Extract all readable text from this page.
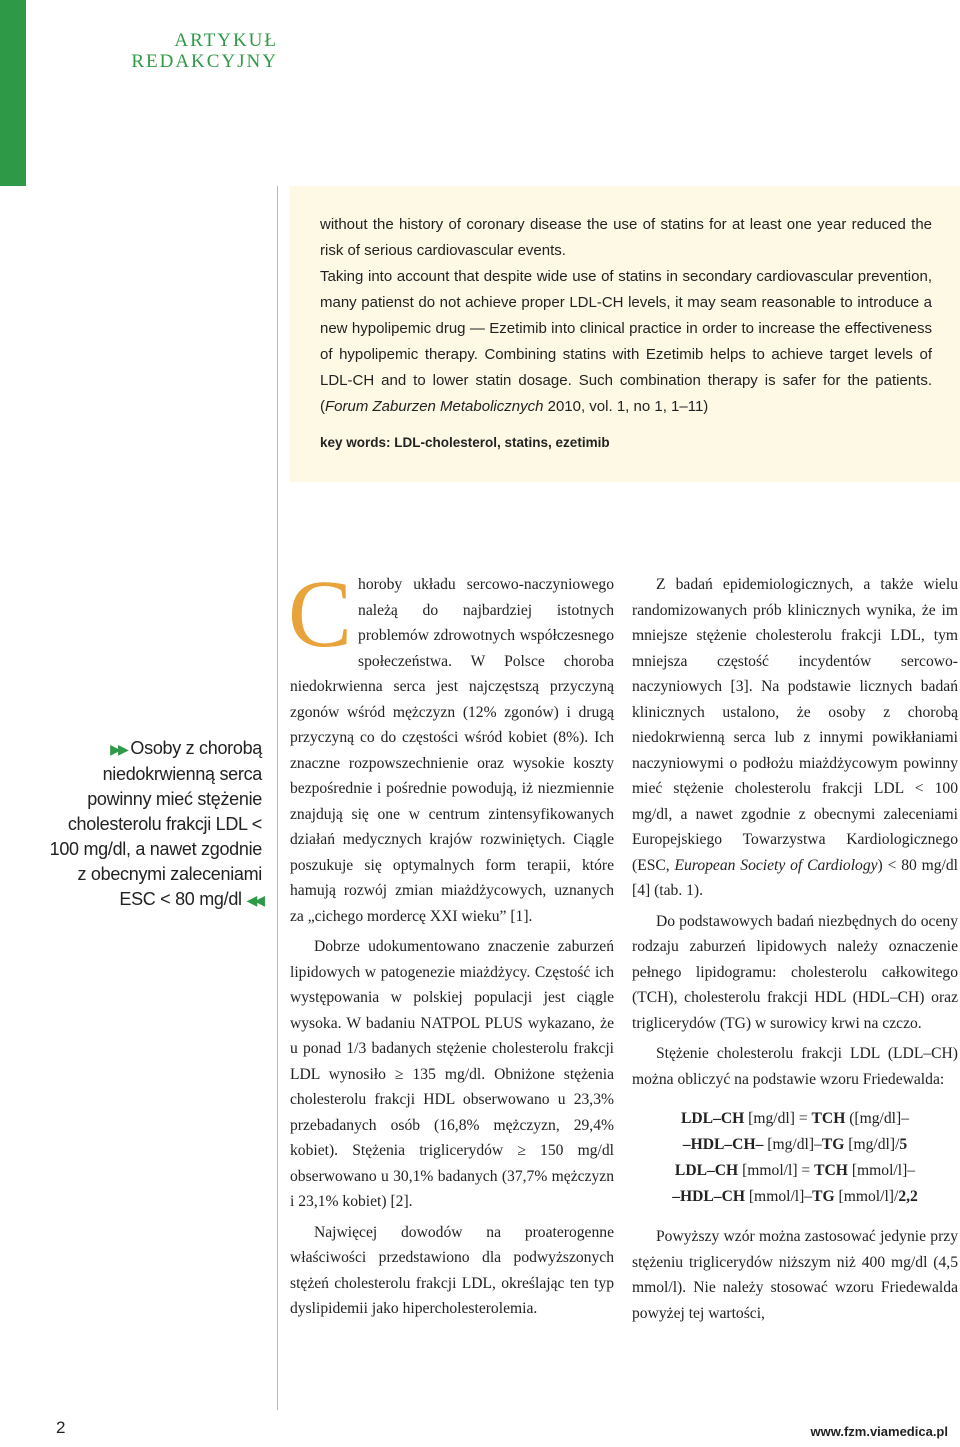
ARTYKUŁ
REDAKCYJNY

without the history of coronary disease the use of statins for at least one year reduced the risk of serious cardiovascular events.

Taking into account that despite wide use of statins in secondary cardiovascular prevention, many patienst do not achieve proper LDL-CH levels, it may seam reasonable to introduce a new hypolipemic drug — Ezetimib into clinical practice in order to increase the effectiveness of hypolipemic therapy. Combining statins with Ezetimib helps to achieve target levels of LDL-CH and to lower statin dosage. Such combination therapy is safer for the patients. (Forum Zaburzen Metabolicznych 2010, vol. 1, no 1, 1–11)

key words: LDL-cholesterol, statins, ezetimib

▶▶ Osoby z chorobą niedokrwienną serca powinny mieć stężenie cholesterolu frakcji LDL < 100 mg/dl, a nawet zgodnie z obecnymi zaleceniami ESC < 80 mg/dl ◀◀

Choroby układu sercowo-naczyniowego należą do najbardziej istotnych problemów zdrowotnych współczesnego społeczeństwa. W Polsce choroba niedokrwienna serca jest najczęstszą przyczyną zgonów wśród mężczyzn (12% zgonów) i drugą przyczyną co do częstości wśród kobiet (8%). Ich znaczne rozpowszechnienie oraz wysokie koszty bezpośrednie i pośrednie powodują, iż niezmiennie znajdują się one w centrum zintensyfikowanych działań medycznych krajów rozwiniętych. Ciągle poszukuje się optymalnych form terapii, które hamują rozwój zmian miażdżycowych, uznanych za „cichego mordercę XXI wieku” [1].

Dobrze udokumentowano znaczenie zaburzeń lipidowych w patogenezie miażdżycy. Częstość ich występowania w polskiej populacji jest ciągle wysoka. W badaniu NATPOL PLUS wykazano, że u ponad 1/3 badanych stężenie cholesterolu frakcji LDL wynosiło ≥ 135 mg/dl. Obniżone stężenia cholesterolu frakcji HDL obserwowano u 23,3% przebadanych osób (16,8% mężczyzn, 29,4% kobiet). Stężenia triglicerydów ≥ 150 mg/dl obserwowano u 30,1% badanych (37,7% mężczyzn i 23,1% kobiet) [2].

Najwięcej dowodów na proaterogenne właściwości przedstawiono dla podwyższonych stężeń cholesterolu frakcji LDL, określając ten typ dyslipidemii jako hipercholesterolemia.

Z badań epidemiologicznych, a także wielu randomizowanych prób klinicznych wynika, że im mniejsze stężenie cholesterolu frakcji LDL, tym mniejsza częstość incydentów sercowo-naczyniowych [3]. Na podstawie licznych badań klinicznych ustalono, że osoby z chorobą niedokrwienną serca lub z innymi powikłaniami naczyniowymi o podłożu miażdżycowym powinny mieć stężenie cholesterolu frakcji LDL < 100 mg/dl, a nawet zgodnie z obecnymi zaleceniami Europejskiego Towarzystwa Kardiologicznego (ESC, European Society of Cardiology) < 80 mg/dl [4] (tab. 1).

Do podstawowych badań niezbędnych do oceny rodzaju zaburzeń lipidowych należy oznaczenie pełnego lipidogramu: cholesterolu całkowitego (TCH), cholesterolu frakcji HDL (HDL–CH) oraz triglicerydów (TG) w surowicy krwi na czczo.

Stężenie cholesterolu frakcji LDL (LDL–CH) można obliczyć na podstawie wzoru Friedewalda:

LDL–CH [mg/dl] = TCH ([mg/dl]–
–HDL–CH– [mg/dl]–TG [mg/dl]/5
LDL–CH [mmol/l] = TCH [mmol/l]–
–HDL–CH [mmol/l]–TG [mmol/l]/2,2

Powyższy wzór można zastosować jedynie przy stężeniu triglicerydów niższym niż 400 mg/dl (4,5 mmol/l). Nie należy stosować wzoru Friedewalda powyżej tej wartości,

2	www.fzm.viamedica.pl
